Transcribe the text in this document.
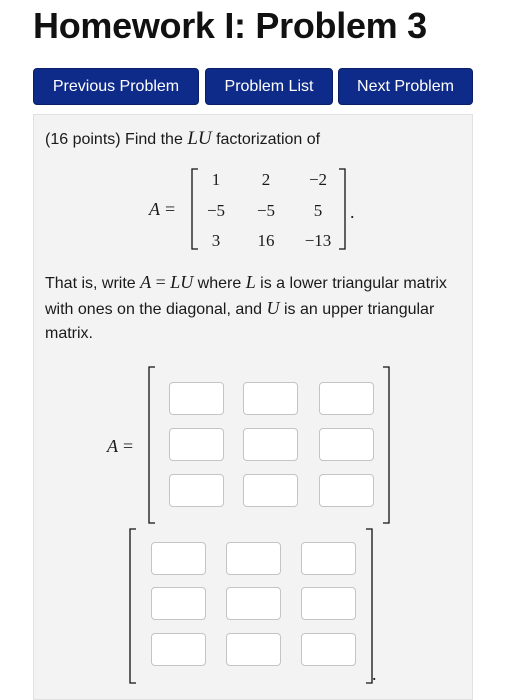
Homework I: Problem 3
Previous Problem	Problem List	Next Problem
(16 points) Find the LU factorization of
A =
1	2	−2
−5	−5	5
3	16	−13
.
That is, write A = LU where L is a lower triangular matrix with ones on the diagonal, and U is an upper triangular matrix.
A =
.
